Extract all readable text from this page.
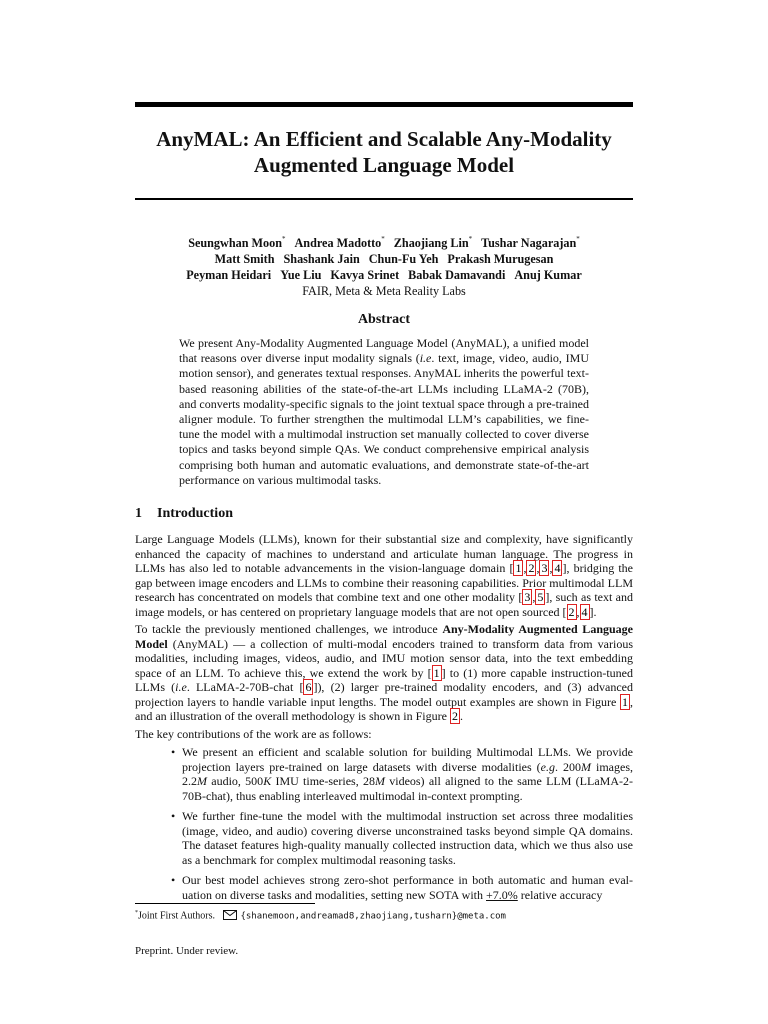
AnyMAL: An Efficient and Scalable Any-Modality
Augmented Language Model
Seungwhan Moon* Andrea Madotto* Zhaojiang Lin* Tushar Nagarajan*
Matt Smith Shashank Jain Chun-Fu Yeh Prakash Murugesan
Peyman Heidari Yue Liu Kavya Srinet Babak Damavandi Anuj Kumar
FAIR, Meta & Meta Reality Labs
Abstract

We present Any-Modality Augmented Language Model (AnyMAL), a unified model that reasons over diverse input modality signals (i.e. text, image, video, audio, IMU motion sensor), and generates textual responses. AnyMAL inherits the powerful text-based reasoning abilities of the state-of-the-art LLMs including LLaMA-2 (70B), and converts modality-specific signals to the joint textual space through a pre-trained aligner module. To further strengthen the multimodal LLM’s capabilities, we fine-tune the model with a multimodal instruction set manually collected to cover diverse topics and tasks beyond simple QAs. We conduct comprehensive empirical analysis comprising both human and automatic evaluations, and demonstrate state-of-the-art performance on various multimodal tasks.

1 Introduction

Large Language Models (LLMs), known for their substantial size and complexity, have significantly enhanced the capacity of machines to understand and articulate human language. The progress in LLMs has also led to notable advancements in the vision-language domain [ 1 , 2 , 3 , 4 ], bridging the gap between image encoders and LLMs to combine their reasoning capabilities. Prior multimodal LLM research has concentrated on models that combine text and one other modality [ 3 , 5 ], such as text and image models, or has centered on proprietary language models that are not open sourced [ 2 , 4 ].

To tackle the previously mentioned challenges, we introduce Any-Modality Augmented Language Model (AnyMAL) — a collection of multi-modal encoders trained to transform data from various modalities, including images, videos, audio, and IMU motion sensor data, into the text embedding space of an LLM. To achieve this, we extend the work by [ 1 ] to (1) more capable instruction-tuned LLMs (i.e. LLaMA-2-70B-chat [ 6 ]), (2) larger pre-trained modality encoders, and (3) advanced projection layers to handle variable input lengths. The model output examples are shown in Figure 1 , and an illustration of the overall methodology is shown in Figure 2 .

The key contributions of the work are as follows:

• We present an efficient and scalable solution for building Multimodal LLMs. We provide projection layers pre-trained on large datasets with diverse modalities (e.g. 200M images, 2.2M audio, 500K IMU time-series, 28M videos) all aligned to the same LLM (LLaMA-2-70B-chat), thus enabling interleaved multimodal in-context prompting.
• We further fine-tune the model with the multimodal instruction set across three modalities (image, video, and audio) covering diverse unconstrained tasks beyond simple QA domains. The dataset features high-quality manually collected instruction data, which we thus also use as a benchmark for complex multimodal reasoning tasks.
• Our best model achieves strong zero-shot performance in both automatic and human evaluation on diverse tasks and modalities, setting new SOTA with +7.0% relative accuracy
*Joint First Authors.	{shanemoon,andreamad8,zhaojiang,tusharn}@meta.com
Preprint. Under review.
